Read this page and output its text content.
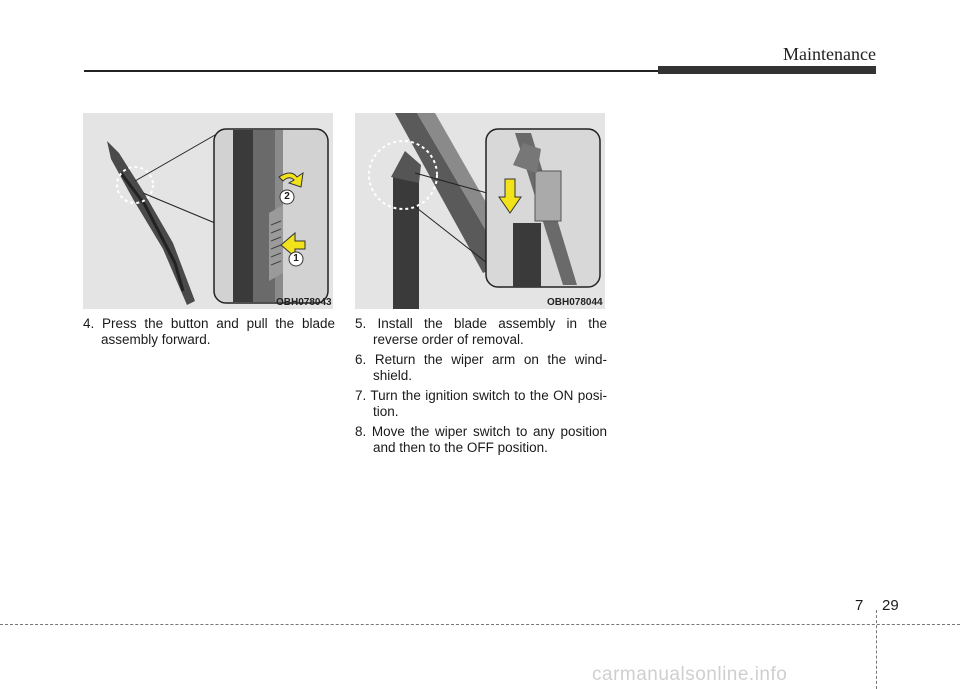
Maintenance
2
1
OBH078043	OBH078044

4. Press the button and pull the blade assembly forward.

5. Install the blade assembly in the reverse order of removal.

6. Return the wiper arm on the wind-shield.

7. Turn the ignition switch to the ON posi-tion.

8. Move the wiper switch to any position and then to the OFF position.

7 29
carmanualsonline.info
